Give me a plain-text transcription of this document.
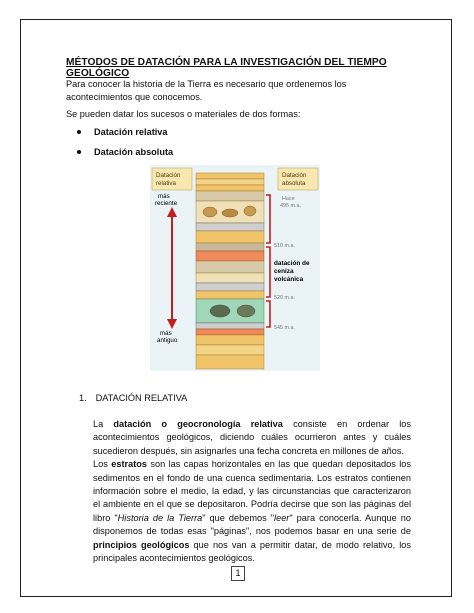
MÉTODOS DE DATACIÓN PARA LA INVESTIGACIÓN DEL TIEMPO GEOLÓGICO

Para conocer la historia de la Tierra es necesario que ordenemos los acontecimientos que conocemos.

Se pueden datar los sucesos o materiales de dos formas:

Datación relativa
Datación absoluta
Datación
relativa
Datación
absoluta
más
reciente
más
antiguo
Hace
495 m.a.
510 m.a.
520 m.a.
545 m.a.
datación de
ceniza
volcánica
1. DATACIÓN RELATIVA

La datación o geocronología relativa consiste en ordenar los acontecimientos geológicos, diciendo cuáles ocurrieron antes y cuáles sucedieron después, sin asignarles una fecha concreta en millones de años.

Los estratos son las capas horizontales en las que quedan depositados los sedimentos en el fondo de una cuenca sedimentaria. Los estratos contienen información sobre el medio, la edad, y las circunstancias que caracterizaron el ambiente en el que se depositaron. Podría decirse que son las páginas del libro "Historia de la Tierra" que debemos "leer" para conocerla. Aunque no disponemos de todas esas "páginas", nos podemos basar en una serie de principios geológicos que nos van a permitir datar, de modo relativo, los principales acontecimientos geológicos.

1
